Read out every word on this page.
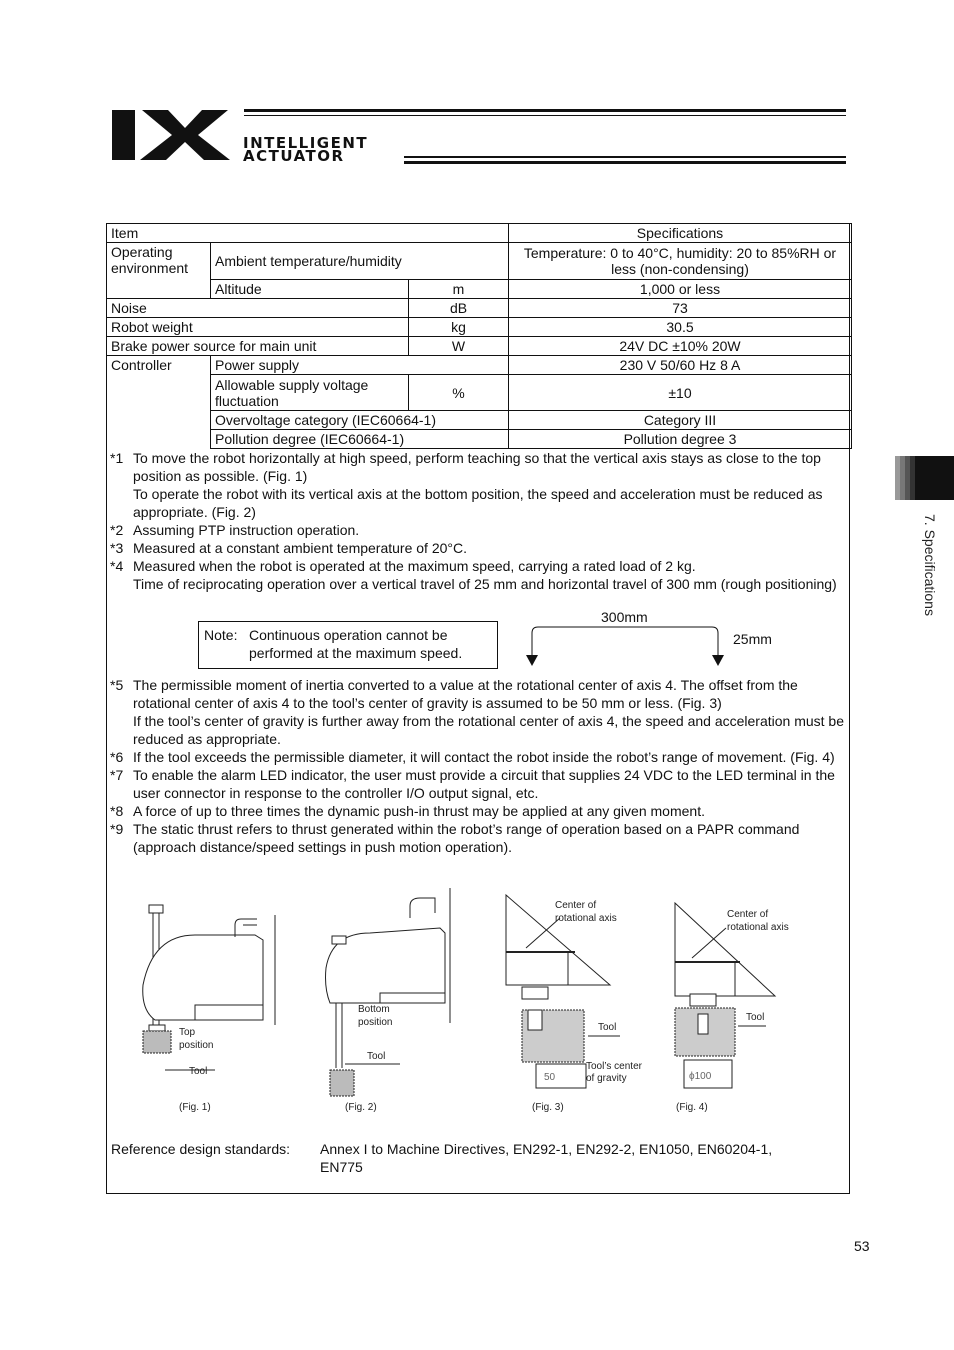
INTELLIGENT
ACTUATOR
7. Specifications
Item			Specifications
Operating environment	Ambient temperature/humidity		Temperature: 0 to 40°C, humidity: 20 to 85%RH or less (non-condensing)
	Altitude	m	1,000 or less
Noise		dB	73
Robot weight		kg	30.5
Brake power source for main unit		W	24V DC ±10% 20W
Controller	Power supply		230 V 50/60 Hz 8 A
	Allowable supply voltage fluctuation	%	±10
	Overvoltage category (IEC60664-1)		Category III
	Pollution degree (IEC60664-1)		Pollution degree 3
*1 To move the robot horizontally at high speed, perform teaching so that the vertical axis stays as close to the top position as possible. (Fig. 1)
To operate the robot with its vertical axis at the bottom position, the speed and acceleration must be reduced as appropriate. (Fig. 2)
*2 Assuming PTP instruction operation.
*3 Measured at a constant ambient temperature of 20°C.
*4 Measured when the robot is operated at the maximum speed, carrying a rated load of 2 kg.
Time of reciprocating operation over a vertical travel of 25 mm and horizontal travel of 300 mm (rough positioning)
Note: Continuous operation cannot be
performed at the maximum speed.
300mm
25mm
*5 The permissible moment of inertia converted to a value at the rotational center of axis 4. The offset from the rotational center of axis 4 to the tool’s center of gravity is assumed to be 50 mm or less. (Fig. 3)
If the tool’s center of gravity is further away from the rotational center of axis 4, the speed and acceleration must be reduced as appropriate.
*6 If the tool exceeds the permissible diameter, it will contact the robot inside the robot’s range of movement. (Fig. 4)
*7 To enable the alarm LED indicator, the user must provide a circuit that supplies 24 VDC to the LED terminal in the user connector in response to the controller I/O output signal, etc.
*8 A force of up to three times the dynamic push-in thrust may be applied at any given moment.
*9 The static thrust refers to thrust generated within the robot’s range of operation based on a PAPR command (approach distance/speed settings in push motion operation).
Top
position
Tool
(Fig. 1)
Bottom
position
Tool
(Fig. 2)
Center of
rotational axis
Tool
Tool’s center
of gravity
50
(Fig. 3)
Center of
rotational axis
Tool
ϕ100
(Fig. 4)
Reference design standards:	Annex I to Machine Directives, EN292-1, EN292-2, EN1050, EN60204-1,
EN775
53
